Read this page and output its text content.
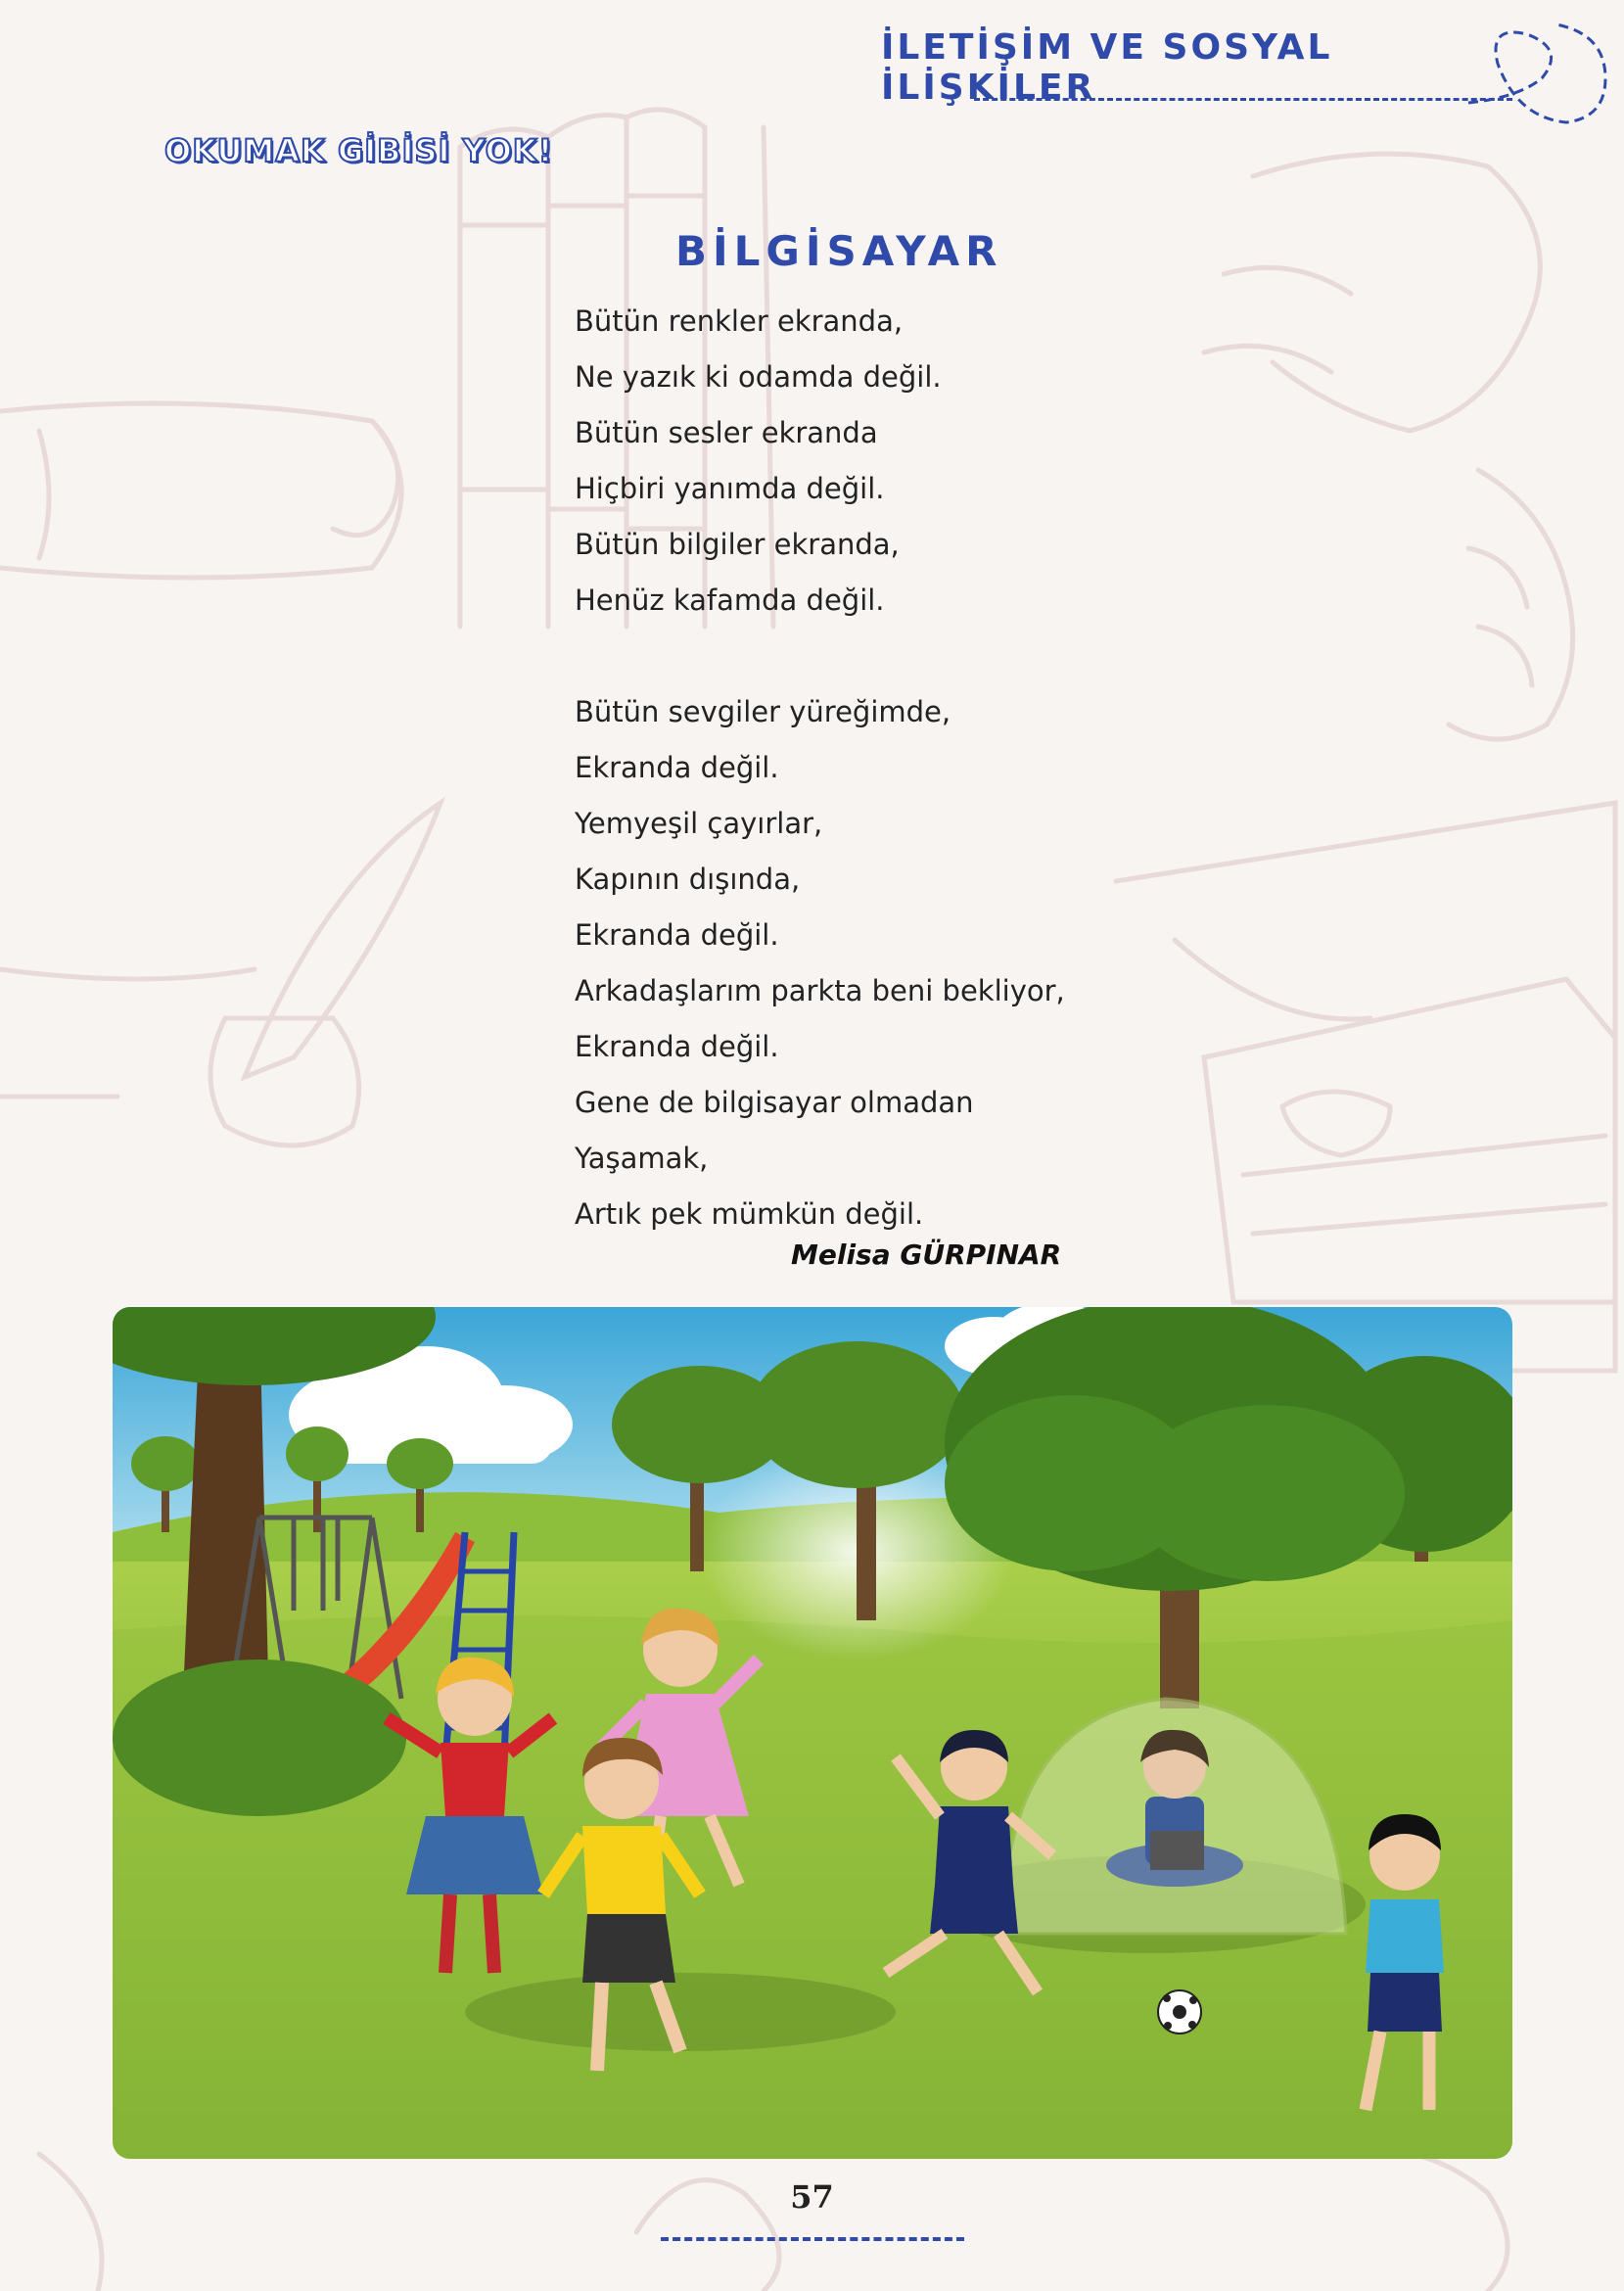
İLETİŞİM VE SOSYAL İLİŞKİLER
OKUMAK GİBİSİ YOK!
BİLGİSAYAR
Bütün renkler ekranda,
Ne yazık ki odamda değil.
Bütün sesler ekranda
Hiçbiri yanımda değil.
Bütün bilgiler ekranda,
Henüz kafamda değil.
Bütün sevgiler yüreğimde,
Ekranda değil.
Yemyeşil çayırlar,
Kapının dışında,
Ekranda değil.
Arkadaşlarım parkta beni bekliyor,
Ekranda değil.
Gene de bilgisayar olmadan
Yaşamak,
Artık pek mümkün değil.
Melisa GÜRPINAR
57
